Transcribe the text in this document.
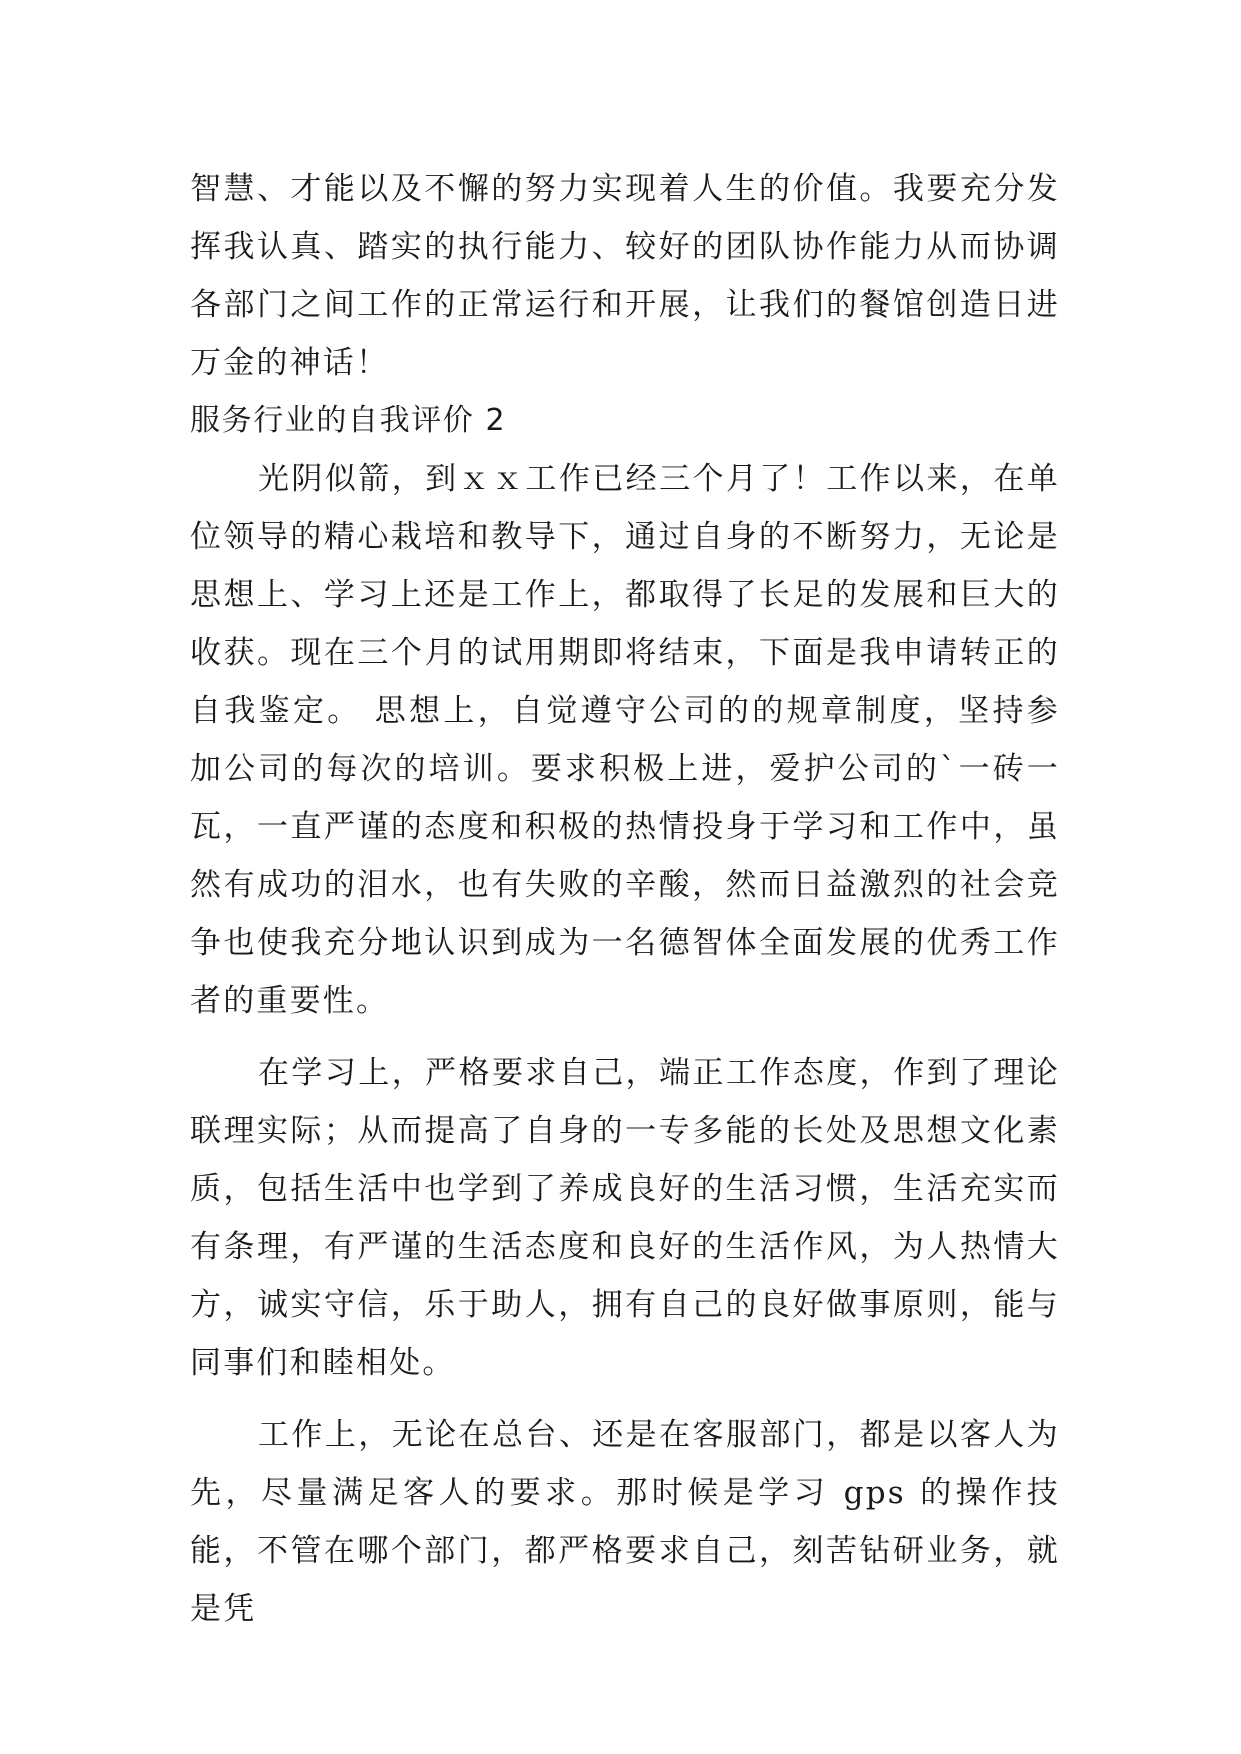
智慧、才能以及不懈的努力实现着人生的价值。我要充分发挥我认真、踏实的执行能力、较好的团队协作能力从而协调各部门之间工作的正常运行和开展，让我们的餐馆创造日进万金的神话！

服务行业的自我评价 2

光阴似箭，到ｘｘ工作已经三个月了！工作以来，在单位领导的精心栽培和教导下，通过自身的不断努力，无论是思想上、学习上还是工作上，都取得了长足的发展和巨大的收获。现在三个月的试用期即将结束，下面是我申请转正的自我鉴定。 思想上，自觉遵守公司的的规章制度，坚持参加公司的每次的培训。要求积极上进，爱护公司的`一砖一瓦，一直严谨的态度和积极的热情投身于学习和工作中，虽然有成功的泪水，也有失败的辛酸，然而日益激烈的社会竞争也使我充分地认识到成为一名德智体全面发展的优秀工作者的重要性。

在学习上，严格要求自己，端正工作态度，作到了理论联理实际；从而提高了自身的一专多能的长处及思想文化素质，包括生活中也学到了养成良好的生活习惯，生活充实而有条理，有严谨的生活态度和良好的生活作风，为人热情大方，诚实守信，乐于助人，拥有自己的良好做事原则，能与同事们和睦相处。

工作上，无论在总台、还是在客服部门，都是以客人为先，尽量满足客人的要求。那时候是学习 gps 的操作技能，不管在哪个部门，都严格要求自己，刻苦钻研业务，就是凭
